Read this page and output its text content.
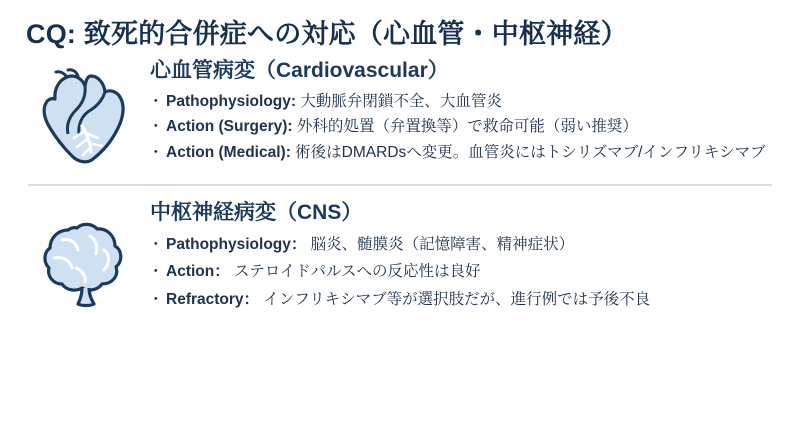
CQ: 致死的合併症への対応（心血管・中枢神経）
心血管病変（Cardiovascular）
・ Pathophysiology: 大動脈弁閉鎖不全、大血管炎
・ Action (Surgery): 外科的処置（弁置換等）で救命可能（弱い推奨）
・ Action (Medical): 術後はDMARDsへ変更。血管炎にはトシリズマブ/インフリキシマブ
中枢神経病変（CNS）
・ Pathophysiology： 脳炎、髄膜炎（記憶障害、精神症状）
・ Action： ステロイドパルスへの反応性は良好
・ Refractory： インフリキシマブ等が選択肢だが、進行例では予後不良
